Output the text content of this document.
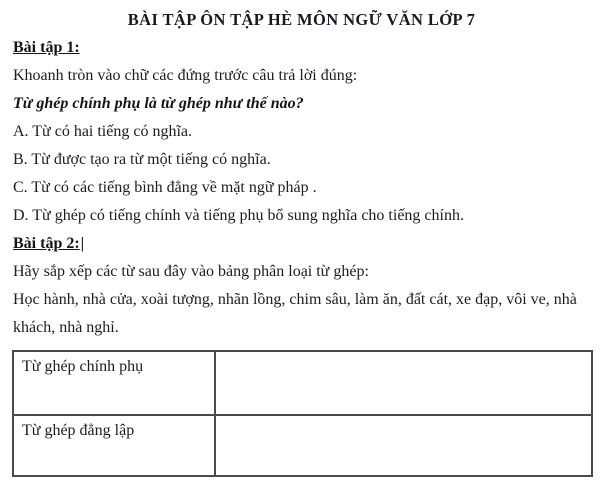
BÀI TẬP ÔN TẬP HÈ MÔN NGỮ VĂN LỚP 7

Bài tập 1:

Khoanh tròn vào chữ các đứng trước câu trả lời đúng:

Từ ghép chính phụ là từ ghép như thế nào?

A. Từ có hai tiếng có nghĩa.

B. Từ được tạo ra từ một tiếng có nghĩa.

C. Từ có các tiếng bình đẳng về mặt ngữ pháp .

D. Từ ghép có tiếng chính và tiếng phụ bổ sung nghĩa cho tiếng chính.

Bài tập 2:|

Hãy sắp xếp các từ sau đây vào bảng phân loại từ ghép:

Học hành, nhà cửa, xoài tượng, nhãn lồng, chim sâu, làm ăn, đất cát, xe đạp, vôi ve, nhà khách, nhà nghỉ.

Từ ghép chính phụ	
Từ ghép đẳng lập	
